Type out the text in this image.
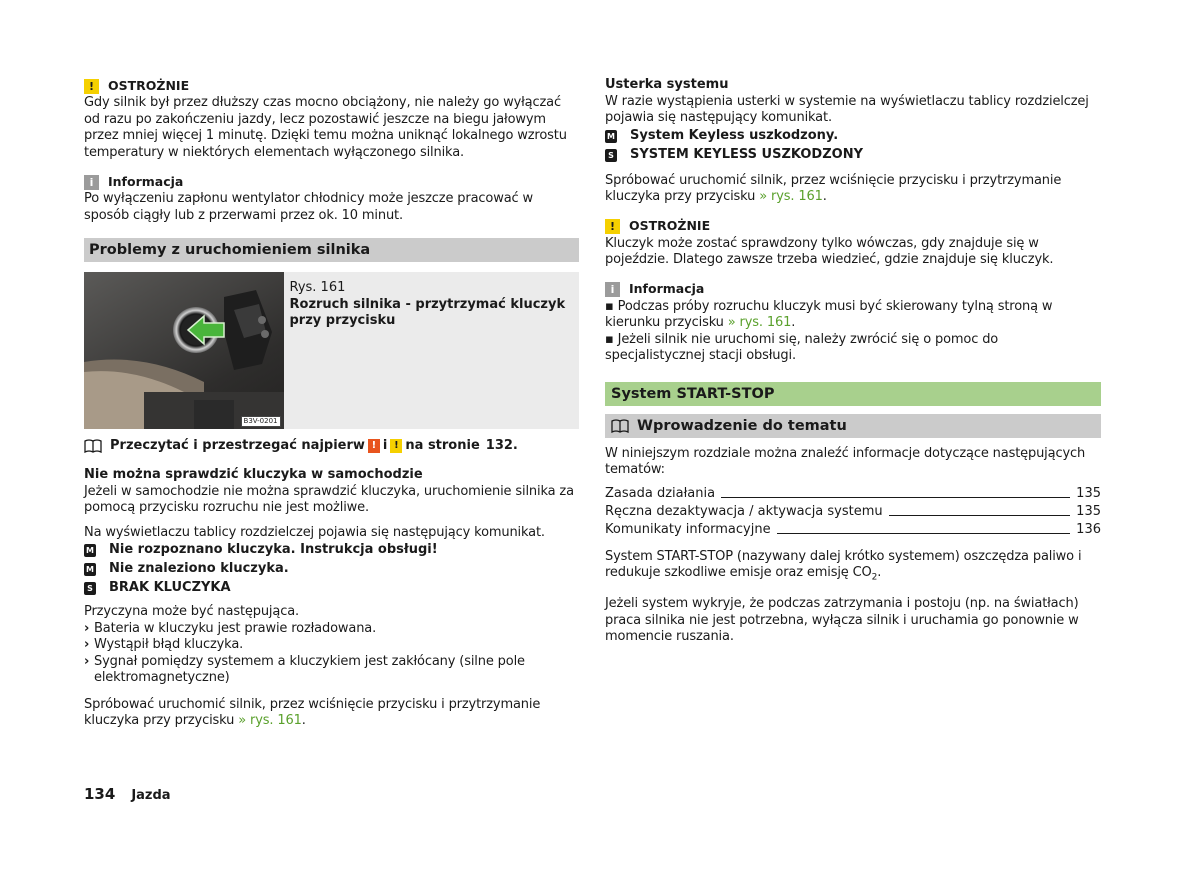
!	OSTROŻNIE

Gdy silnik był przez dłuższy czas mocno obciążony, nie należy go wyłączać od razu po zakończeniu jazdy, lecz pozostawić jeszcze na biegu jałowym przez mniej więcej 1 minutę. Dzięki temu można uniknąć lokalnego wzrostu temperatury w niektórych elementach wyłączonego silnika.

i	Informacja

Po wyłączeniu zapłonu wentylator chłodnicy może jeszcze pracować w sposób ciągły lub z przerwami przez ok. 10 minut.

Problemy z uruchomieniem silnika
B3V-0201

Rys. 161

Rozruch silnika - przytrzymać kluczyk przy przycisku

Przeczytać i przestrzegać najpierw ! i ! na stronie 132.

Nie można sprawdzić kluczyka w samochodzie

Jeżeli w samochodzie nie można sprawdzić kluczyka, uruchomienie silnika za pomocą przycisku rozruchu nie jest możliwe.

Na wyświetlaczu tablicy rozdzielczej pojawia się następujący komunikat.

M Nie rozpoznano kluczyka. Instrukcja obsługi!
M Nie znaleziono kluczyka.
S BRAK KLUCZYKA

Przyczyna może być następująca.

› Bateria w kluczyku jest prawie rozładowana.
› Wystąpił błąd kluczyka.
› Sygnał pomiędzy systemem a kluczykiem jest zakłócany (silne pole elektromagnetyczne)

Spróbować uruchomić silnik, przez wciśnięcie przycisku i przytrzymanie kluczyka przy przycisku » rys. 161.

Usterka systemu

W razie wystąpienia usterki w systemie na wyświetlaczu tablicy rozdzielczej pojawia się następujący komunikat.

M System Keyless uszkodzony.
S SYSTEM KEYLESS USZKODZONY

Spróbować uruchomić silnik, przez wciśnięcie przycisku i przytrzymanie kluczyka przy przycisku » rys. 161.

!	OSTROŻNIE

Kluczyk może zostać sprawdzony tylko wówczas, gdy znajduje się w pojeździe. Dlatego zawsze trzeba wiedzieć, gdzie znajduje się kluczyk.

i	Informacja

▪ Podczas próby rozruchu kluczyk musi być skierowany tylną stroną w kierunku przycisku » rys. 161.

▪ Jeżeli silnik nie uruchomi się, należy zwrócić się o pomoc do specjalistycznej stacji obsługi.

System START-STOP
Wprowadzenie do tematu

W niniejszym rozdziale można znaleźć informacje dotyczące następujących tematów:

Zasada działania	135
Ręczna dezaktywacja / aktywacja systemu	135
Komunikaty informacyjne	136

System START-STOP (nazywany dalej krótko systemem) oszczędza paliwo i redukuje szkodliwe emisje oraz emisję $CO_2$.

Jeżeli system wykryje, że podczas zatrzymania i postoju (np. na światłach) praca silnika nie jest potrzebna, wyłącza silnik i uruchamia go ponownie w momencie ruszania.

134 Jazda
